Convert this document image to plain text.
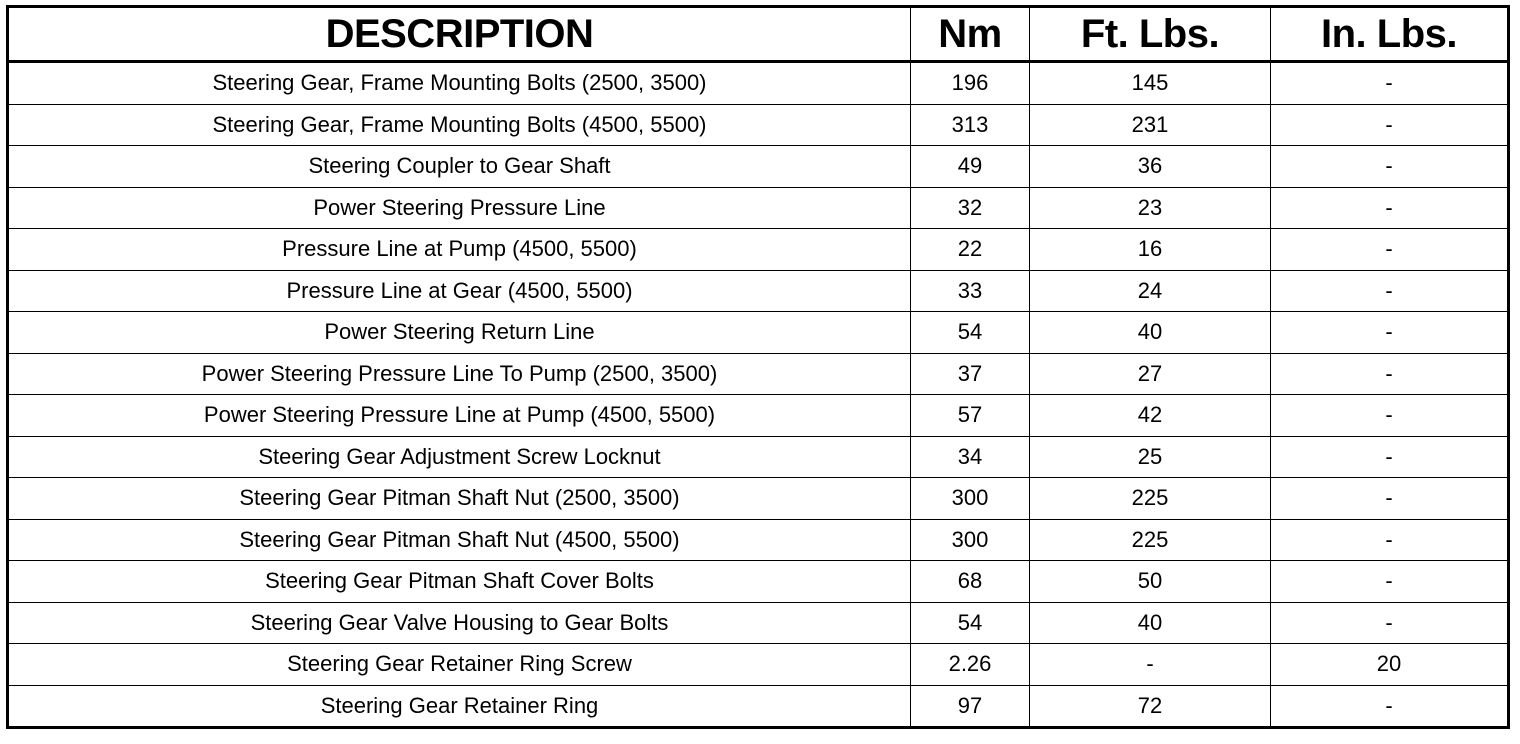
DESCRIPTION	Nm	Ft. Lbs.	In. Lbs.
Steering Gear, Frame Mounting Bolts (2500, 3500)	196	145	-
Steering Gear, Frame Mounting Bolts (4500, 5500)	313	231	-
Steering Coupler to Gear Shaft	49	36	-
Power Steering Pressure Line	32	23	-
Pressure Line at Pump (4500, 5500)	22	16	-
Pressure Line at Gear (4500, 5500)	33	24	-
Power Steering Return Line	54	40	-
Power Steering Pressure Line To Pump (2500, 3500)	37	27	-
Power Steering Pressure Line at Pump (4500, 5500)	57	42	-
Steering Gear Adjustment Screw Locknut	34	25	-
Steering Gear Pitman Shaft Nut (2500, 3500)	300	225	-
Steering Gear Pitman Shaft Nut (4500, 5500)	300	225	-
Steering Gear Pitman Shaft Cover Bolts	68	50	-
Steering Gear Valve Housing to Gear Bolts	54	40	-
Steering Gear Retainer Ring Screw	2.26	-	20
Steering Gear Retainer Ring	97	72	-
